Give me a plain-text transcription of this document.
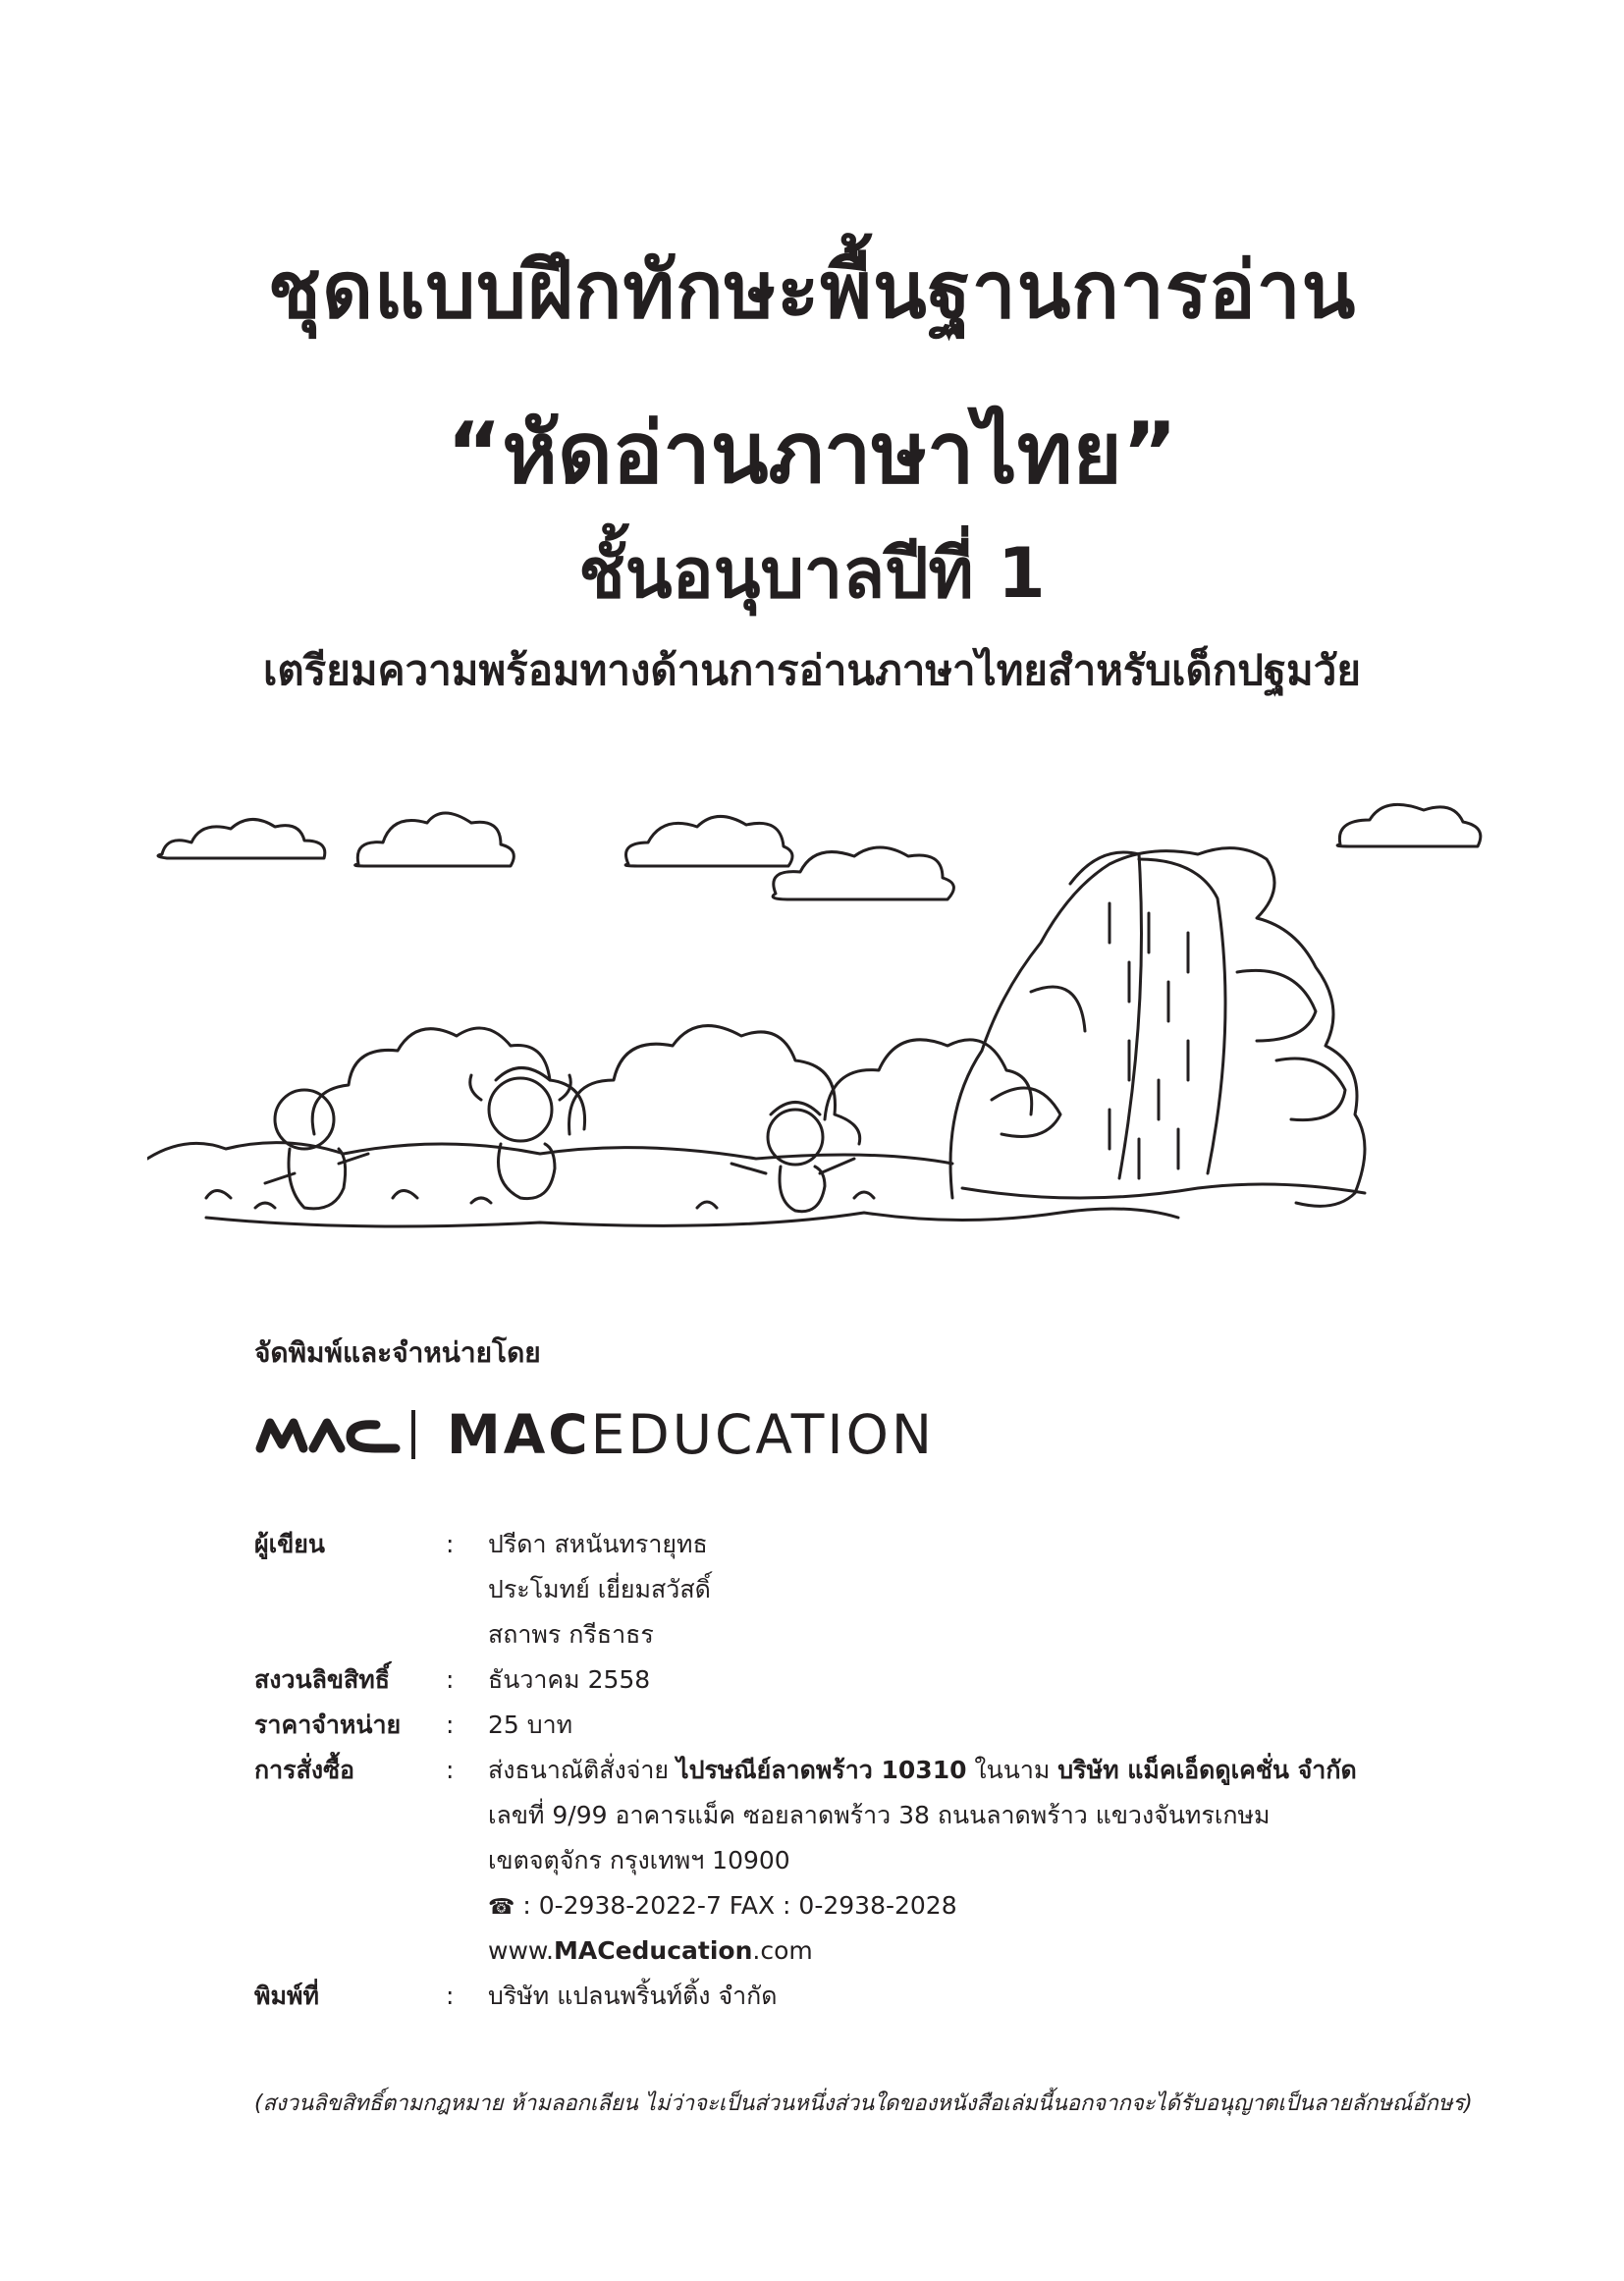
ชุดแบบฝึกทักษะพื้นฐานการอ่าน
“หัดอ่านภาษาไทย”
ชั้นอนุบาลปีที่ 1
เตรียมความพร้อมทางด้านการอ่านภาษาไทยสำหรับเด็กปฐมวัย
จัดพิมพ์และจำหน่ายโดย
MACEDUCATION
ผู้เขียน	:	ปรีดา สหนันทรายุทธ
ประโมทย์ เยี่ยมสวัสดิ์
สถาพร กรีธาธร
สงวนลิขสิทธิ์	:	ธันวาคม 2558
ราคาจำหน่าย	:	25 บาท
การสั่งซื้อ	:	ส่งธนาณัติสั่งจ่าย ไปรษณีย์ลาดพร้าว 10310 ในนาม บริษัท แม็คเอ็ดดูเคชั่น จำกัด
เลขที่ 9/99 อาคารแม็ค ซอยลาดพร้าว 38 ถนนลาดพร้าว แขวงจันทรเกษม
เขตจตุจักร กรุงเทพฯ 10900
☎ : 0-2938-2022-7 FAX : 0-2938-2028
www.MACeducation.com
พิมพ์ที่	:	บริษัท แปลนพริ้นท์ติ้ง จำกัด
(สงวนลิขสิทธิ์ตามกฎหมาย ห้ามลอกเลียน ไม่ว่าจะเป็นส่วนหนึ่งส่วนใดของหนังสือเล่มนี้นอกจากจะได้รับอนุญาตเป็นลายลักษณ์อักษร)
